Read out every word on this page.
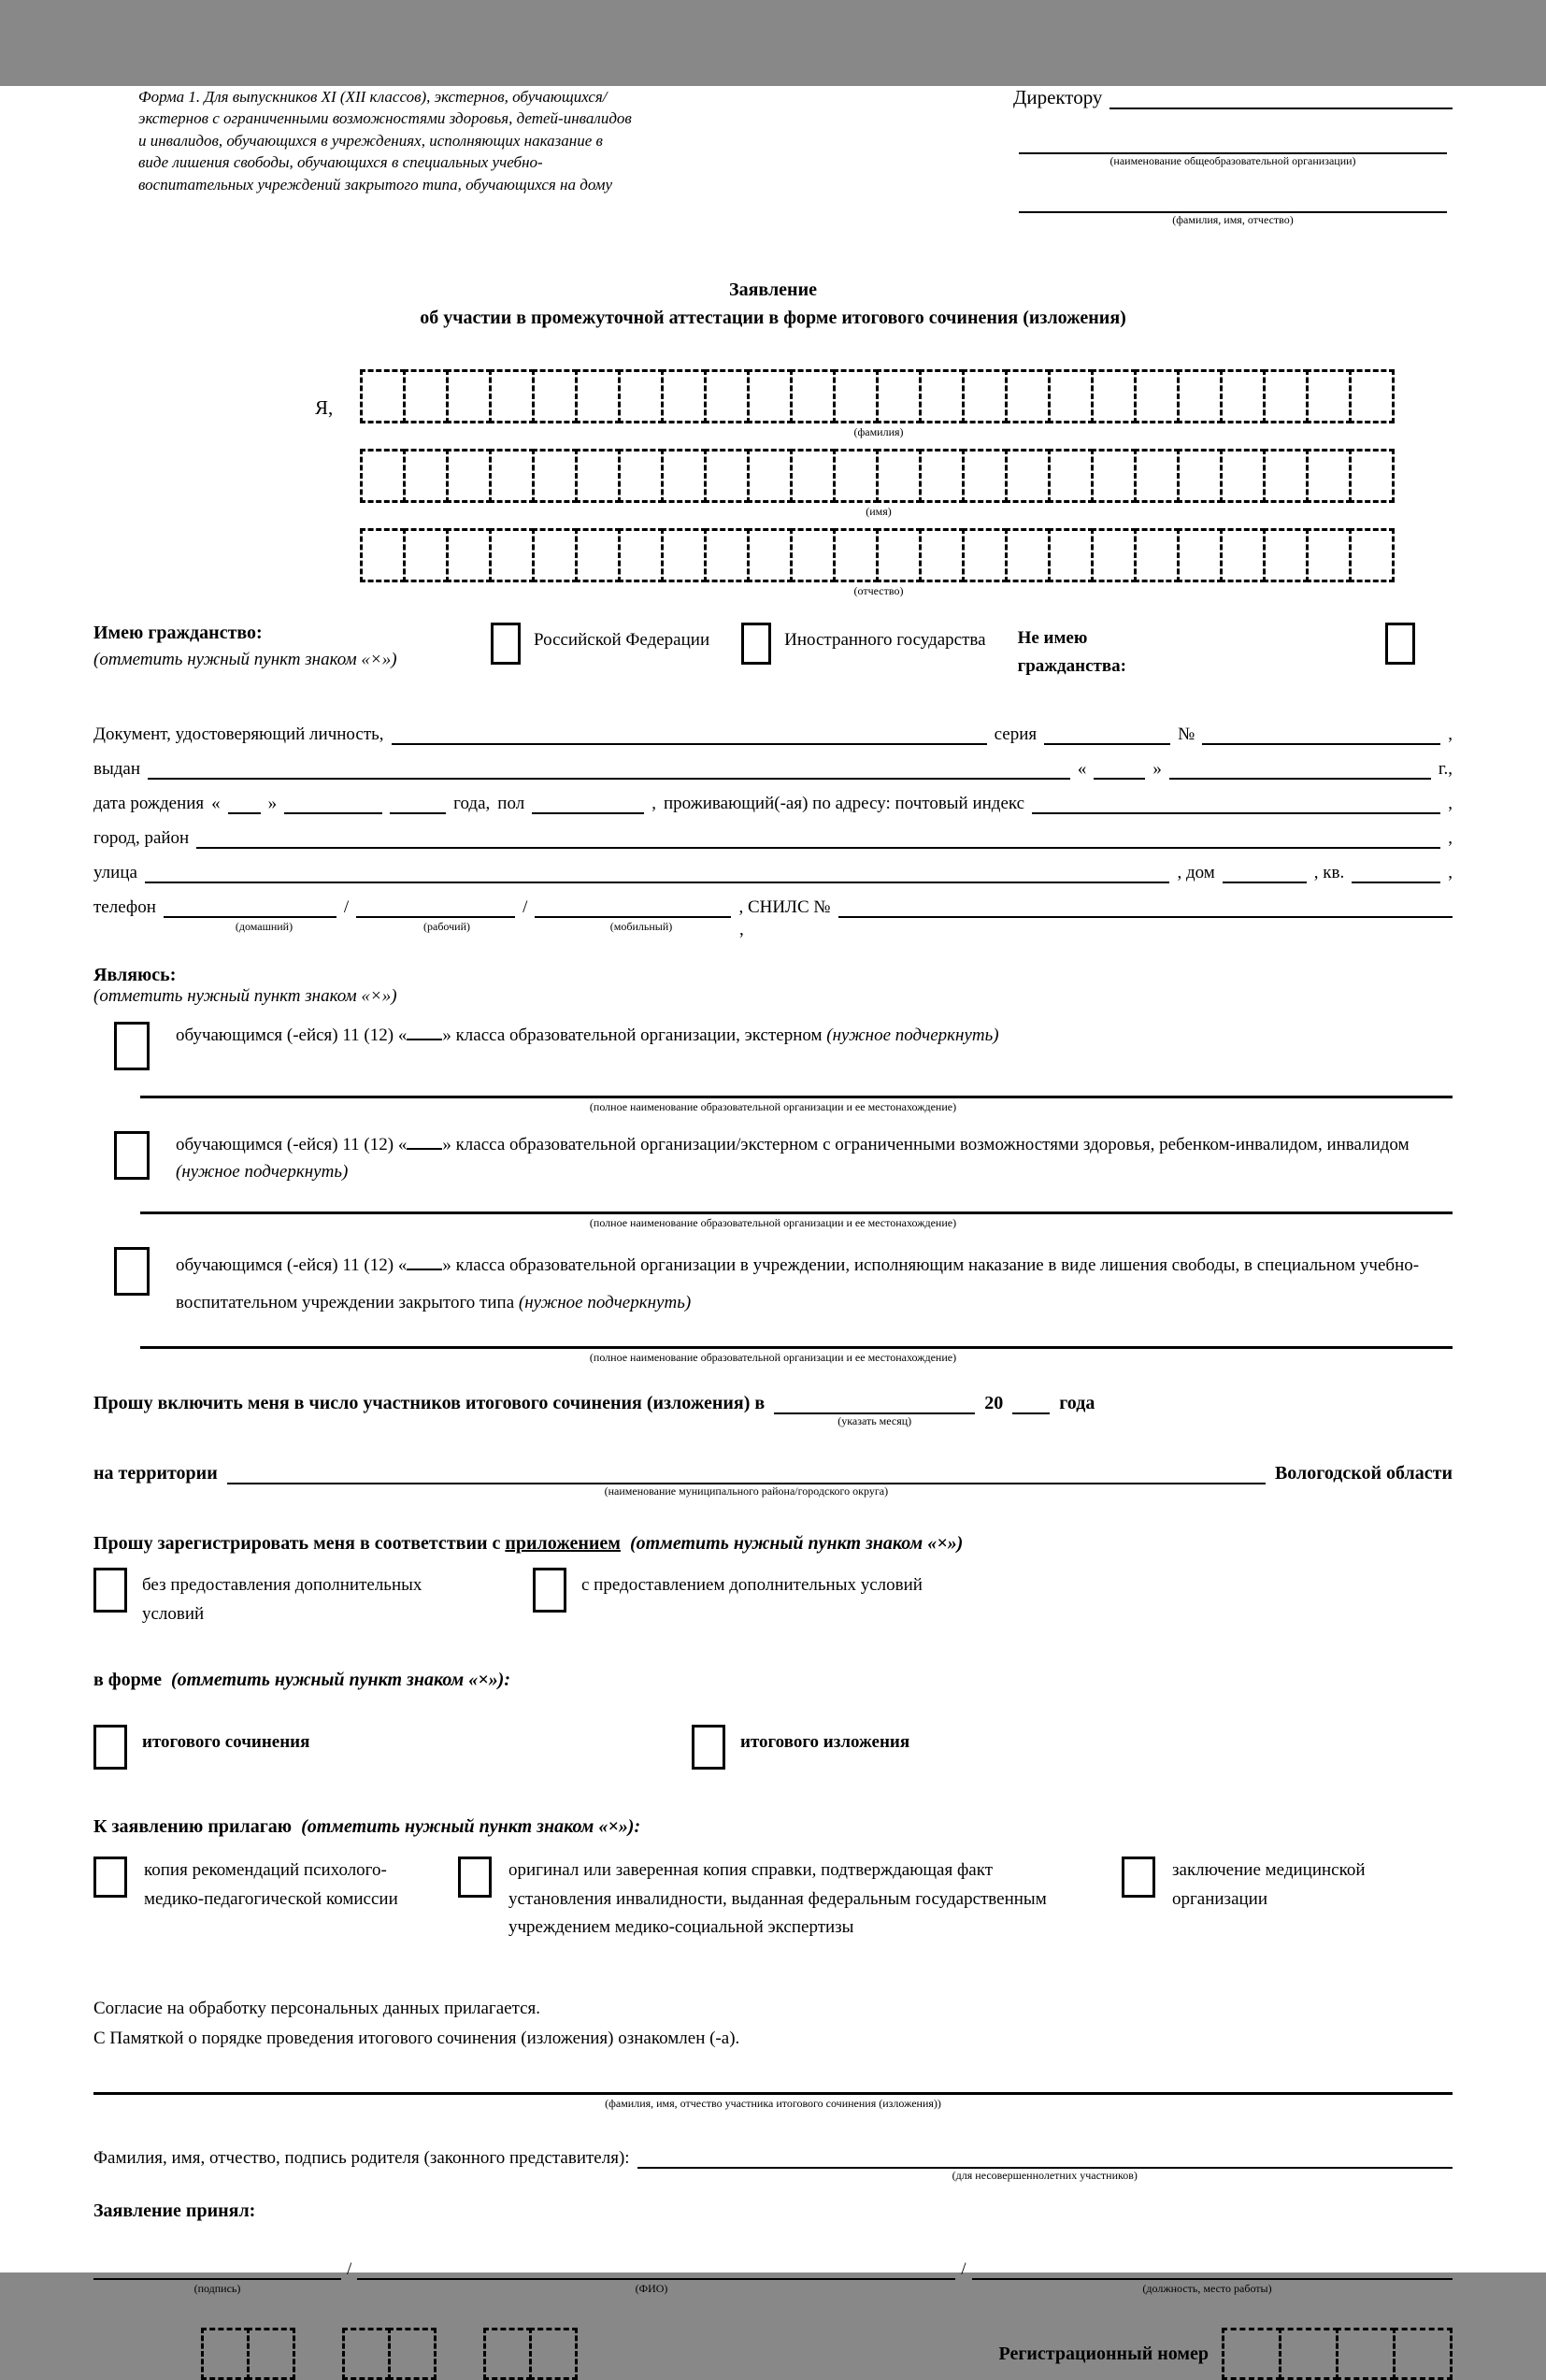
Форма 1. Для выпускников XI (XII классов), экстернов, обучающихся/экстернов с ограниченными возможностями здоровья, детей-инвалидов и инвалидов, обучающихся в учреждениях, исполняющих наказание в виде лишения свободы, обучающихся в специальных учебно-воспитательных учреждений закрытого типа, обучающихся на дому
Директору
(наименование общеобразовательной организации)
(фамилия, имя, отчество)
Заявление
об участии в промежуточной аттестации в форме итогового сочинения (изложения)
Я,
(фамилия)
(имя)
(отчество)
Имею гражданство:
(отметить нужный пункт знаком «×»)
Российской Федерации	Иностранного государства Не имею гражданства:
Документ, удостоверяющий личность,	серия	№	,
выдан	«	»	г.,
дата рождения «	»	года, пол	, проживающий(-ая) по адресу: почтовый индекс	,
город, район	,
улица	, дом	, кв.	,
телефон	/	/	, СНИЛС №
(домашний)	(рабочий)	(мобильный)	,
Являюсь:
(отметить нужный пункт знаком «×»)
обучающимся (-ейся) 11 (12) « » класса образовательной организации, экстерном (нужное подчеркнуть)
(полное наименование образовательной организации и ее местонахождение)
обучающимся (-ейся) 11 (12) « » класса образовательной организации/экстерном с ограниченными возможностями здоровья, ребенком-инвалидом, инвалидом (нужное подчеркнуть)
(полное наименование образовательной организации и ее местонахождение)
обучающимся (-ейся) 11 (12) « » класса образовательной организации в учреждении, исполняющим наказание в виде лишения свободы, в специальном учебно-воспитательном учреждении закрытого типа (нужное подчеркнуть)
(полное наименование образовательной организации и ее местонахождение)
Прошу включить меня в число участников итогового сочинения (изложения) в
(указать месяц)
20	года
на территории
(наименование муниципального района/городского округа)
Вологодской области
Прошу зарегистрировать меня в соответствии с приложением (отметить нужный пункт знаком «×»)
без предоставления дополнительных условий
с предоставлением дополнительных условий
в форме (отметить нужный пункт знаком «×»):
итогового сочинения	итогового изложения
К заявлению прилагаю (отметить нужный пункт знаком «×»):
копия рекомендаций психолого-медико-педагогической комиссии
оригинал или заверенная копия справки, подтверждающая факт установления инвалидности, выданная федеральным государственным учреждением медико-социальной экспертизы
заключение медицинской организации
Согласие на обработку персональных данных прилагается.
С Памяткой о порядке проведения итогового сочинения (изложения) ознакомлен (-а).
(фамилия, имя, отчество участника итогового сочинения (изложения))
Фамилия, имя, отчество, подпись родителя (законного представителя):
(для несовершеннолетних участников)
Заявление принял:
/	/
(подпись)	(ФИО)	(должность, место работы)
Регистрационный номер
